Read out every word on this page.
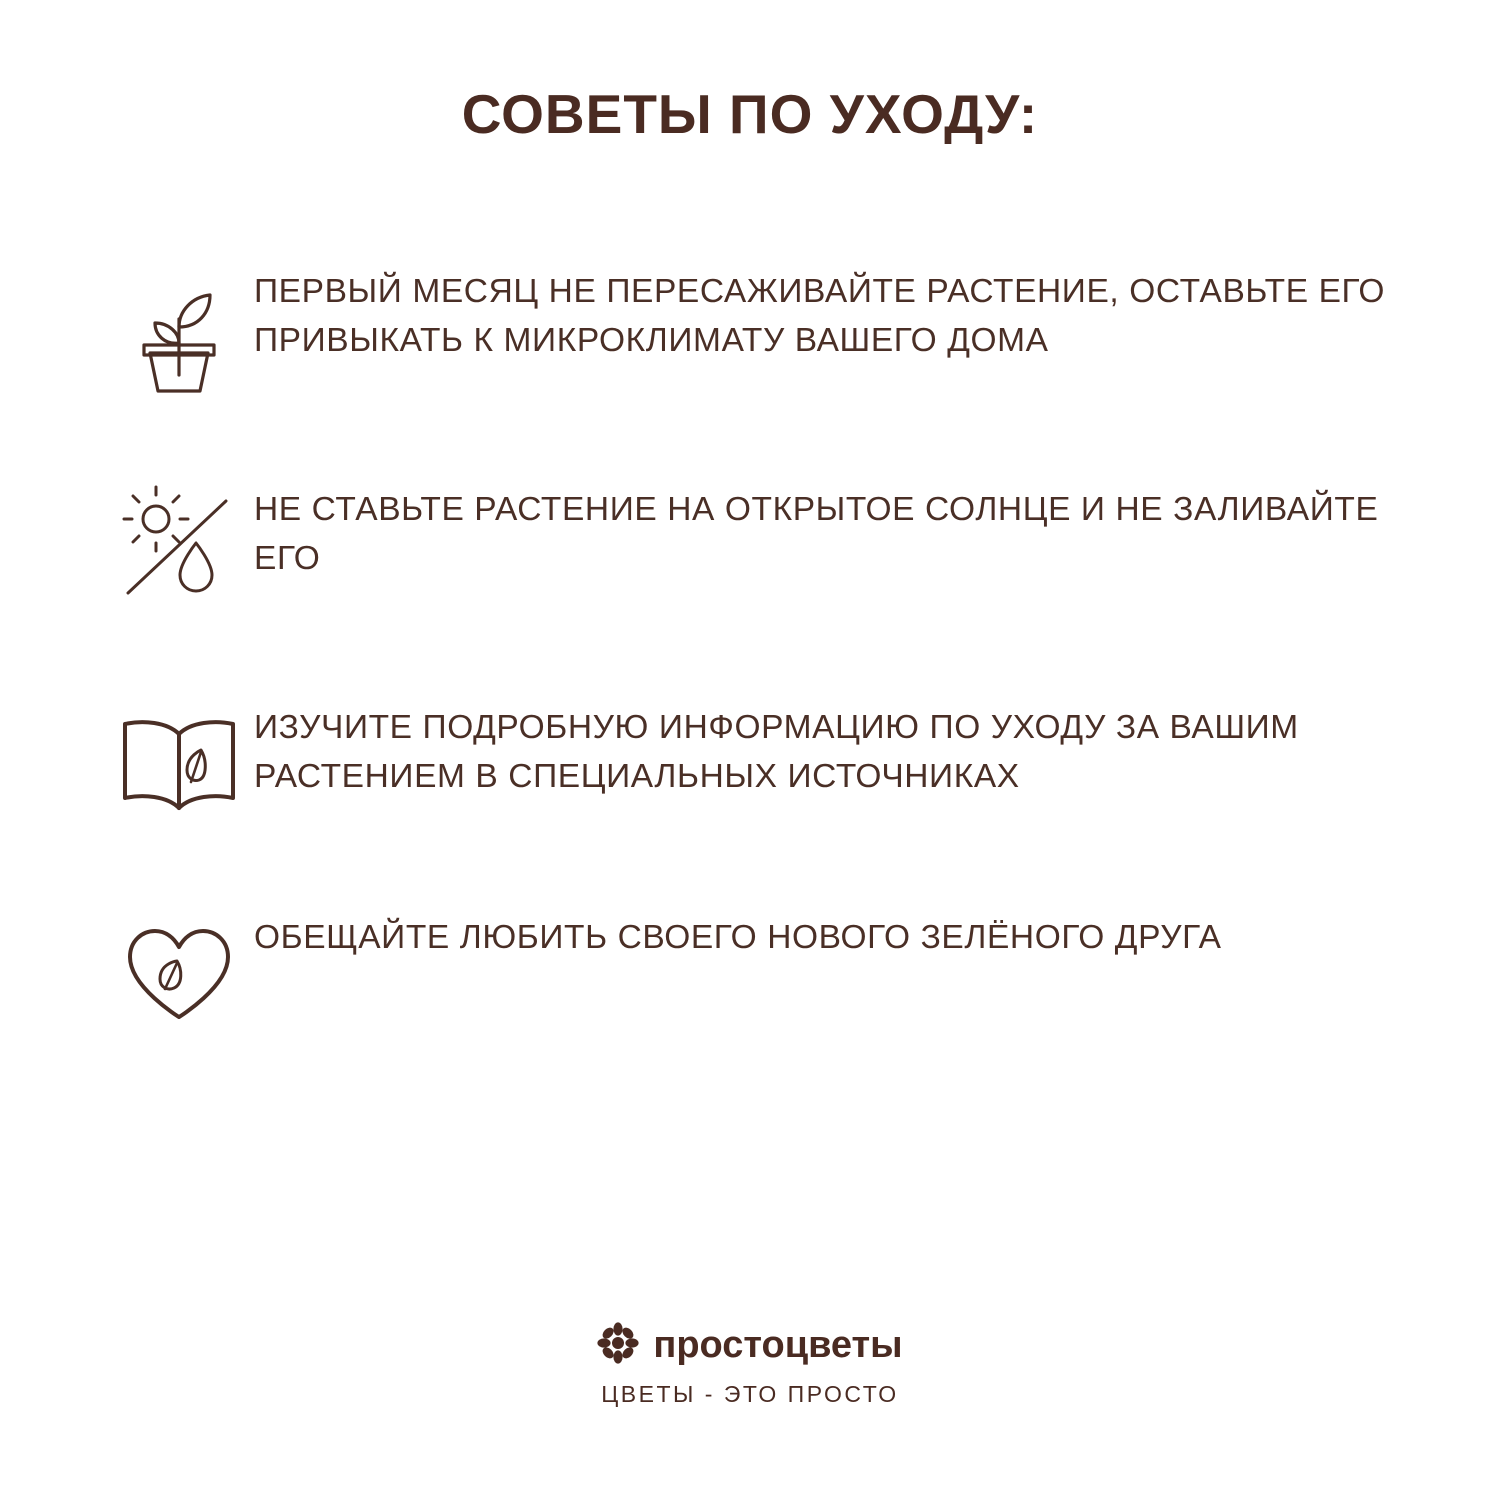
СОВЕТЫ ПО УХОДУ:
ПЕРВЫЙ МЕСЯЦ НЕ ПЕРЕСАЖИВАЙТЕ РАСТЕНИЕ, ОСТАВЬТЕ ЕГО ПРИВЫКАТЬ К МИКРОКЛИМАТУ ВАШЕГО ДОМА
НЕ СТАВЬТЕ РАСТЕНИЕ НА ОТКРЫТОЕ СОЛНЦЕ И НЕ ЗАЛИВАЙТЕ ЕГО
ИЗУЧИТЕ ПОДРОБНУЮ ИНФОРМАЦИЮ ПО УХОДУ ЗА ВАШИМ РАСТЕНИЕМ В СПЕЦИАЛЬНЫХ ИСТОЧНИКАХ
ОБЕЩАЙТЕ ЛЮБИТЬ СВОЕГО НОВОГО ЗЕЛЁНОГО ДРУГА
простоцветы
ЦВЕТЫ - ЭТО ПРОСТО
